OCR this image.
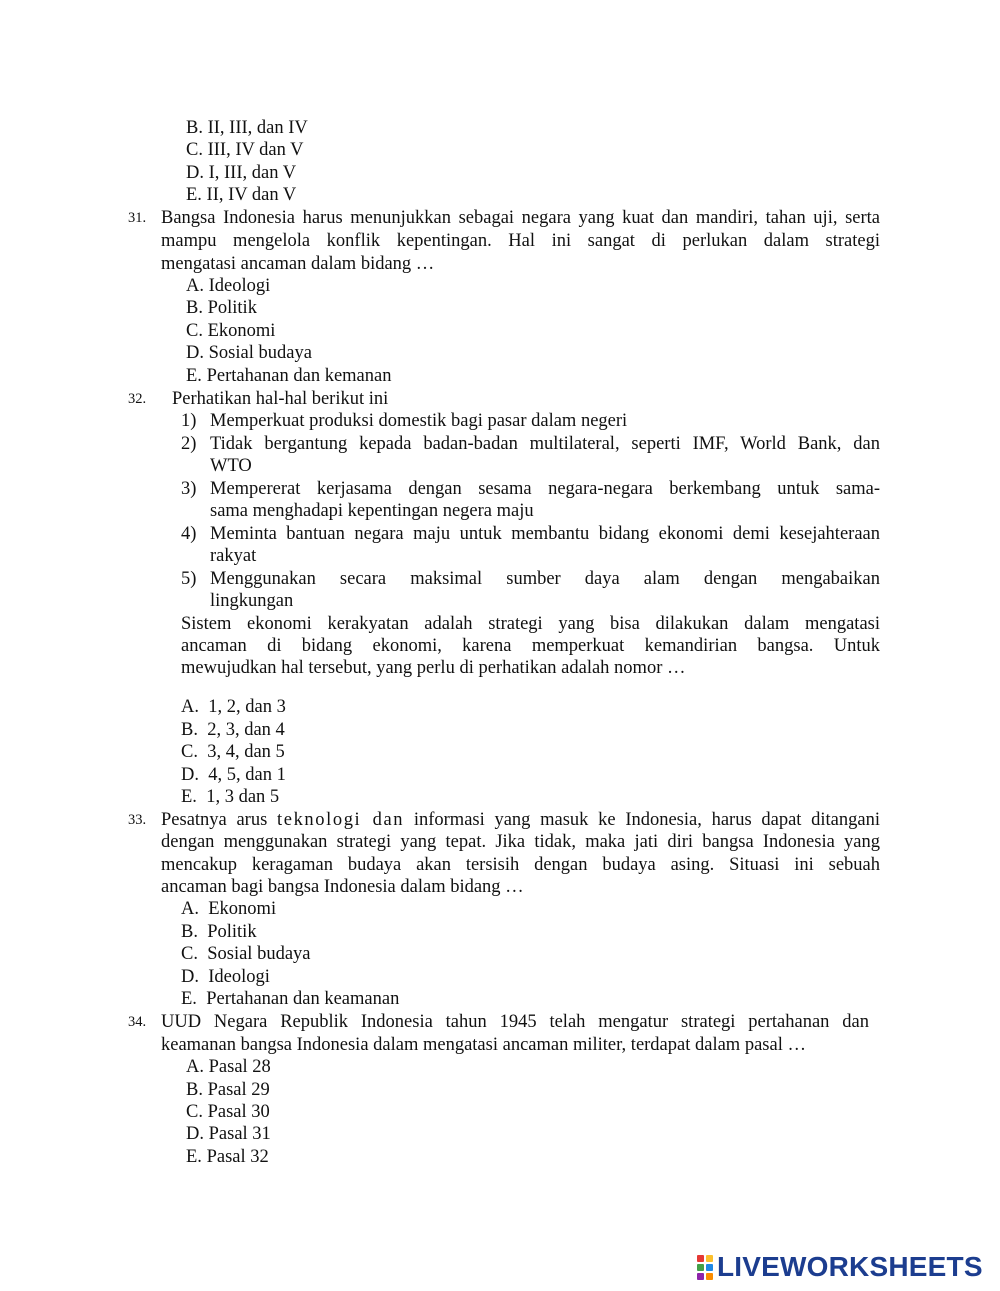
B. II, III, dan IV
C. III, IV dan V
D. I, III, dan V
E. II, IV dan V
31. Bangsa Indonesia harus menunjukkan sebagai negara yang kuat dan mandiri, tahan uji, serta
mampu mengelola konflik kepentingan. Hal ini sangat di perlukan dalam strategi
mengatasi ancaman dalam bidang …
A. Ideologi
B. Politik
C. Ekonomi
D. Sosial budaya
E. Pertahanan dan kemanan
32. Perhatikan hal-hal berikut ini
1) Memperkuat produksi domestik bagi pasar dalam negeri
2) Tidak bergantung kepada badan-badan multilateral, seperti IMF, World Bank, dan
WTO
3) Mempererat kerjasama dengan sesama negara-negara berkembang untuk sama-
sama menghadapi kepentingan negera maju
4) Meminta bantuan negara maju untuk membantu bidang ekonomi demi kesejahteraan
rakyat
5) Menggunakan secara maksimal sumber daya alam dengan mengabaikan
lingkungan
Sistem ekonomi kerakyatan adalah strategi yang bisa dilakukan dalam mengatasi
ancaman di bidang ekonomi, karena memperkuat kemandirian bangsa. Untuk
mewujudkan hal tersebut, yang perlu di perhatikan adalah nomor …
A. 1, 2, dan 3
B. 2, 3, dan 4
C. 3, 4, dan 5
D. 4, 5, dan 1
E. 1, 3 dan 5
33. Pesatnya arus teknologi dan informasi yang masuk ke Indonesia, harus dapat ditangani
dengan menggunakan strategi yang tepat. Jika tidak, maka jati diri bangsa Indonesia yang
mencakup keragaman budaya akan tersisih dengan budaya asing. Situasi ini sebuah
ancaman bagi bangsa Indonesia dalam bidang …
A. Ekonomi
B. Politik
C. Sosial budaya
D. Ideologi
E. Pertahanan dan keamanan
34. UUD Negara Republik Indonesia tahun 1945 telah mengatur strategi pertahanan dan
keamanan bangsa Indonesia dalam mengatasi ancaman militer, terdapat dalam pasal …
A. Pasal 28
B. Pasal 29
C. Pasal 30
D. Pasal 31
E. Pasal 32
LIVEWORKSHEETS
